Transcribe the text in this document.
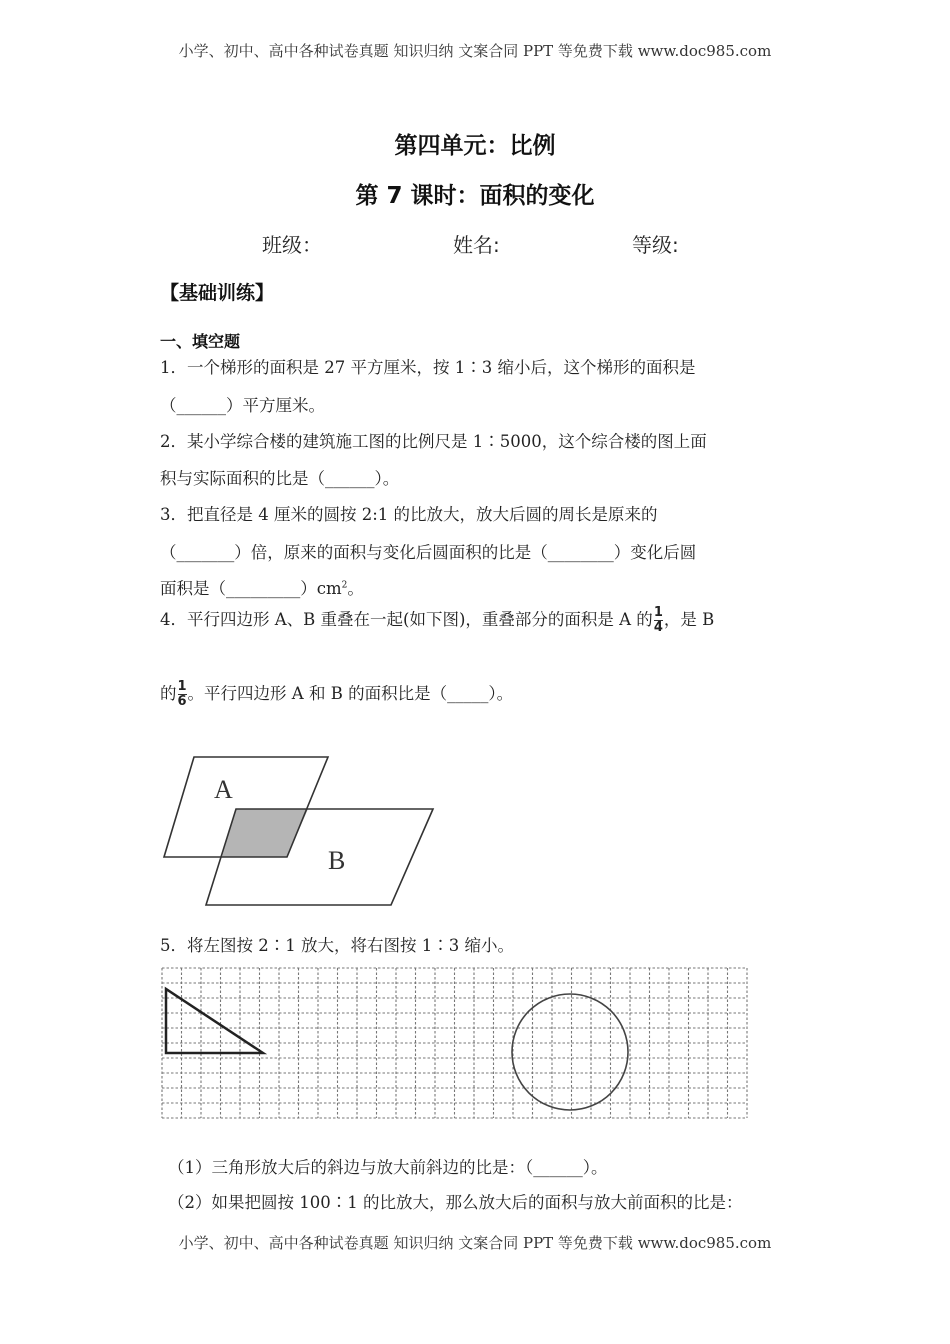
小学、初中、高中各种试卷真题 知识归纳 文案合同 PPT 等免费下载 www.doc985.com
第四单元：比例
第 7 课时：面积的变化
班级：	姓名:	等级:
【基础训练】
一、填空题
1．一个梯形的面积是 27 平方厘米，按 1∶3 缩小后，这个梯形的面积是
（______）平方厘米。
2．某小学综合楼的建筑施工图的比例尺是 1∶5000，这个综合楼的图上面
积与实际面积的比是（______）。
3．把直径是 4 厘米的圆按 2:1 的比放大，放大后圆的周长是原来的
（_______）倍，原来的面积与变化后圆面积的比是（________）变化后圆
面积是$(\_\_\_\_\_\_\_\_\_)cm^2$。
4．平行四边形 A、B 重叠在一起(如下图)，重叠部分的面积是 A 的 $\frac{1}{4}$ ，是 B
的 $\frac{1}{6}$ 。平行四边形 A 和 B 的面积比是（_____）。
A
B
5．将左图按 2∶1 放大，将右图按 1∶3 缩小。
（1）三角形放大后的斜边与放大前斜边的比是：（______）。
（2）如果把圆按 100∶1 的比放大，那么放大后的面积与放大前面积的比是：
小学、初中、高中各种试卷真题 知识归纳 文案合同 PPT 等免费下载 www.doc985.com
